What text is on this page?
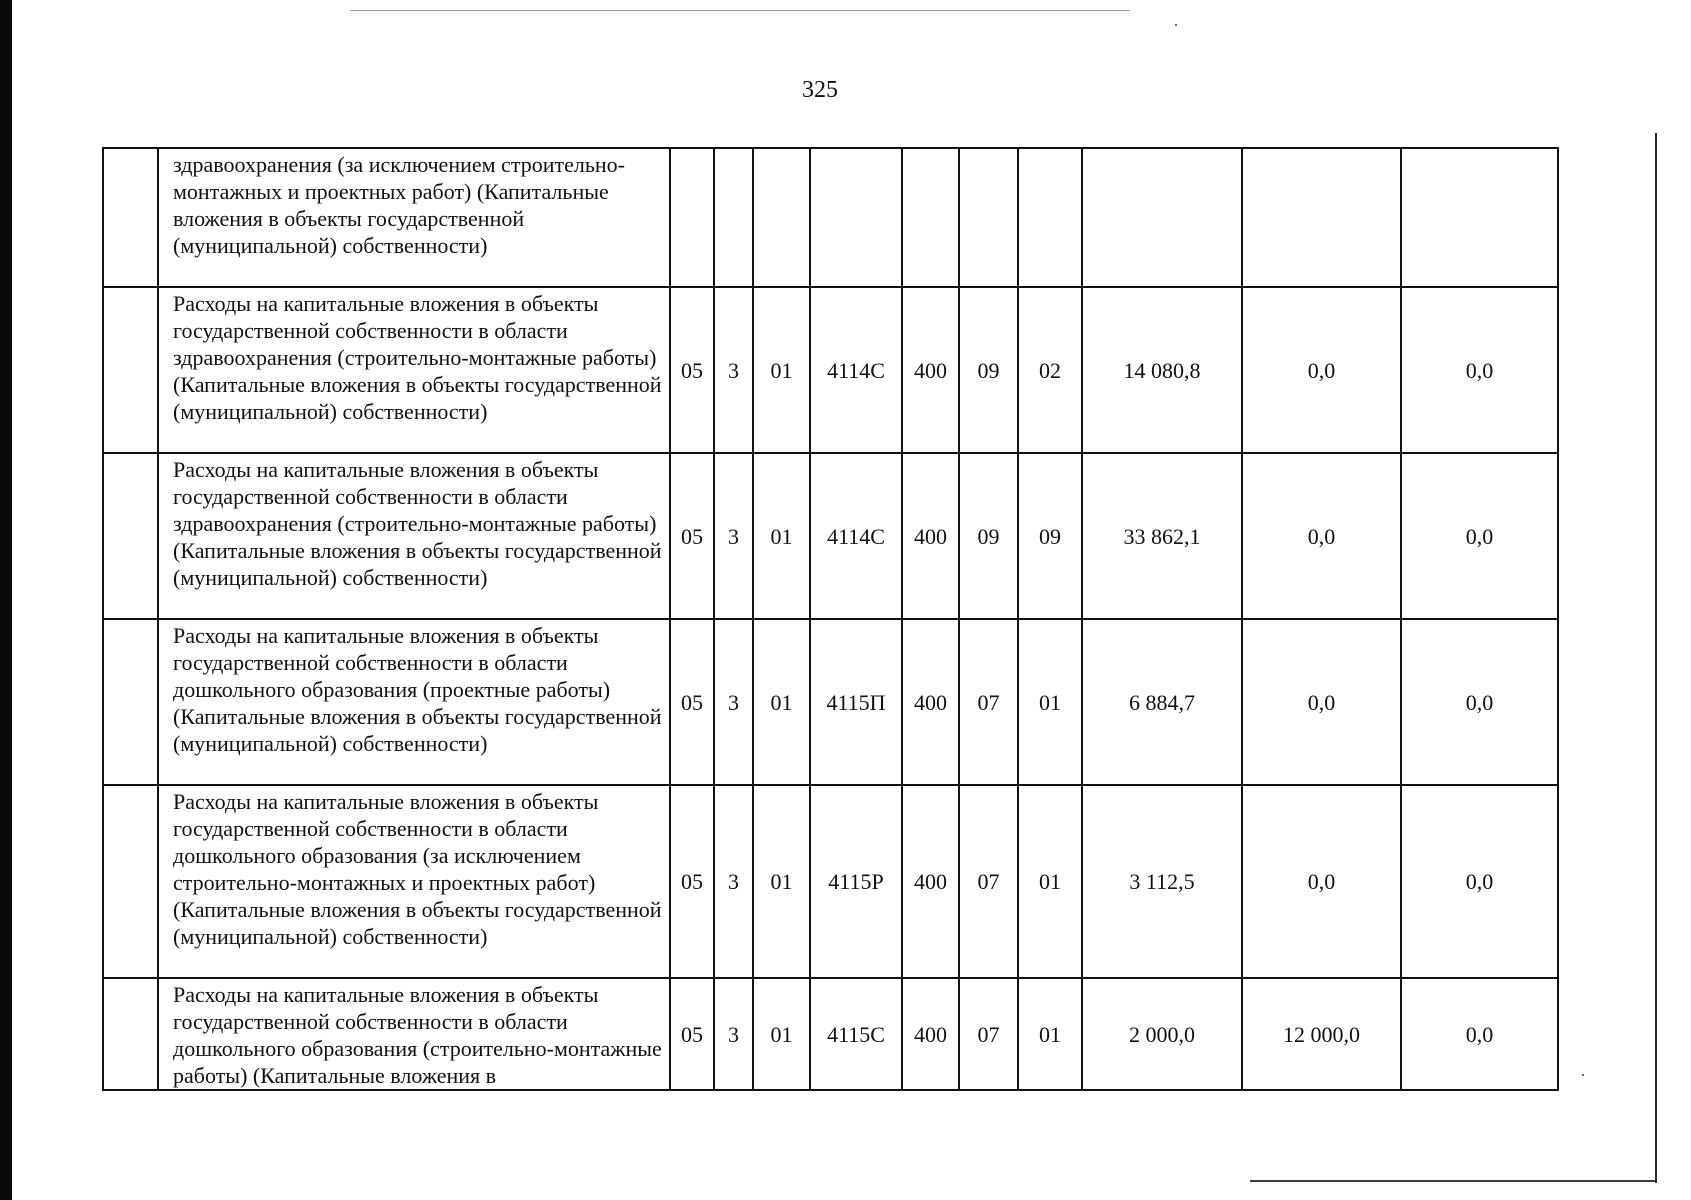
325
	здравоохранения (за исключением строительно-монтажных и проектных работ) (Капитальные вложения в объекты государственной (муниципальной) собственности)										
	Расходы на капитальные вложения в объекты государственной собственности в области здравоохранения (строительно-монтажные работы) (Капитальные вложения в объекты государственной (муниципальной) собственности)	05	3	01	4114С	400	09	02	14 080,8	0,0	0,0
	Расходы на капитальные вложения в объекты государственной собственности в области здравоохранения (строительно-монтажные работы) (Капитальные вложения в объекты государственной (муниципальной) собственности)	05	3	01	4114С	400	09	09	33 862,1	0,0	0,0
	Расходы на капитальные вложения в объекты государственной собственности в области дошкольного образования (проектные работы) (Капитальные вложения в объекты государственной (муниципальной) собственности)	05	3	01	4115П	400	07	01	6 884,7	0,0	0,0
	Расходы на капитальные вложения в объекты государственной собственности в области дошкольного образования (за исключением строительно-монтажных и проектных работ) (Капитальные вложения в объекты государственной (муниципальной) собственности)	05	3	01	4115Р	400	07	01	3 112,5	0,0	0,0
	Расходы на капитальные вложения в объекты государственной собственности в области дошкольного образования (строительно-монтажные работы) (Капитальные вложения в	05	3	01	4115С	400	07	01	2 000,0	12 000,0	0,0
